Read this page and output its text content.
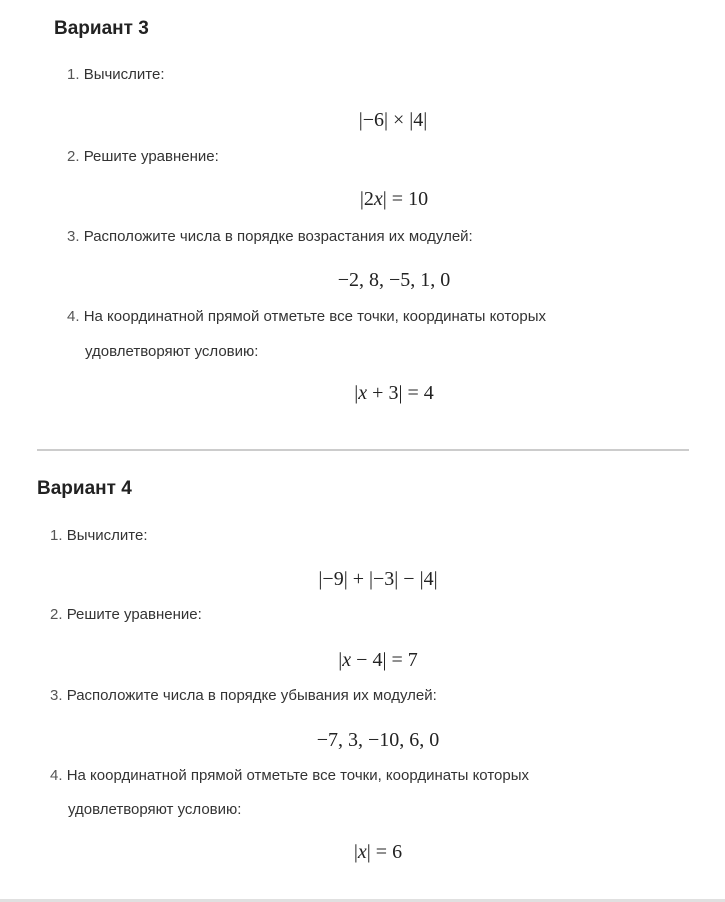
Вариант 3
1. Вычислите:
|−6| × |4|
2. Решите уравнение:
|2x| = 10
3. Расположите числа в порядке возрастания их модулей:
−2, 8, −5, 1, 0
4. На координатной прямой отметьте все точки, координаты которых
удовлетворяют условию:
|x + 3| = 4
Вариант 4
1. Вычислите:
|−9| + |−3| − |4|
2. Решите уравнение:
|x − 4| = 7
3. Расположите числа в порядке убывания их модулей:
−7, 3, −10, 6, 0
4. На координатной прямой отметьте все точки, координаты которых
удовлетворяют условию:
|x| = 6
